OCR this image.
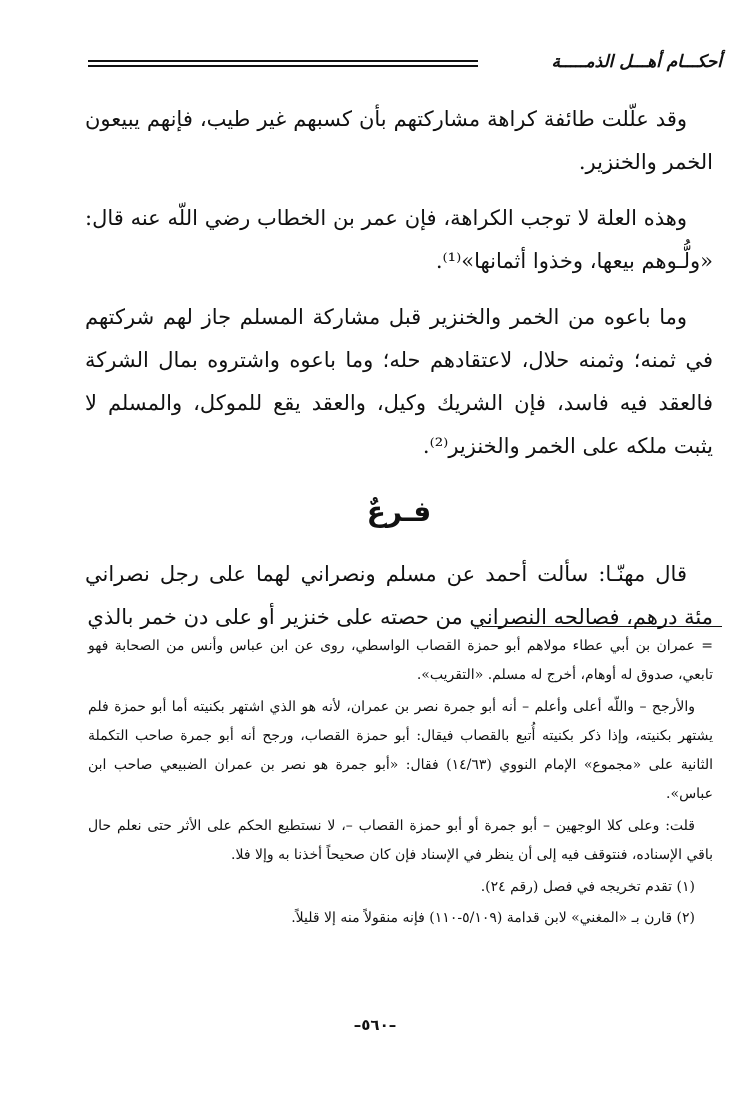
أحكـــام أهـــل الذمـــــة

وقد علّلت طائفة كراهة مشاركتهم بأن كسبهم غير طيب، فإنهم يبيعون الخمر والخنزير.

وهذه العلة لا توجب الكراهة، فإن عمر بن الخطاب رضي اللّه عنه قال: «ولُّـوهم بيعها، وخذوا أثمانها»⁽¹⁾.

وما باعوه من الخمر والخنزير قبل مشاركة المسلم جاز لهم شركتهم في ثمنه؛ وثمنه حلال، لاعتقادهم حله؛ وما باعوه واشتروه بمال الشركة فالعقد فيه فاسد، فإن الشريك وكيل، والعقد يقع للموكل، والمسلم لا يثبت ملكه على الخمر والخنزير⁽²⁾.

فـرعٌ

قال مهنّـا: سألت أحمد عن مسلم ونصراني لهما على رجل نصراني مئة درهم، فصالحه النصراني من حصته على خنزير أو على دن خمر بالذي

= عمران بن أبي عطاء مولاهم أبو حمزة القصاب الواسطي، روى عن ابن عباس وأنس من الصحابة فهو تابعي، صدوق له أوهام، أخرج له مسلم. «التقريب».

والأرجح – واللّه أعلى وأعلم – أنه أبو جمرة نصر بن عمران، لأنه هو الذي اشتهر بكنيته أما أبو حمزة فلم يشتهر بكنيته، وإذا ذكر بكنيته أُتبع بالقصاب فيقال: أبو حمزة القصاب، ورجح أنه أبو جمرة صاحب التكملة الثانية على «مجموع» الإمام النووي (١٤/٦٣) فقال: «أبو جمرة هو نصر بن عمران الضبيعي صاحب ابن عباس».

قلت: وعلى كلا الوجهين – أبو جمرة أو أبو حمزة القصاب –، لا نستطيع الحكم على الأثر حتى نعلم حال باقي الإسناده، فنتوقف فيه إلى أن ينظر في الإسناد فإن كان صحيحاً أخذنا به وإلا فلا.

(١) تقدم تخريجه في فصل (رقم ٢٤).

(٢) قارن بـ «المغني» لابن قدامة (٥/١٠٩-١١٠) فإنه منقولاً منه إلا قليلاً.

–٥٦٠–
